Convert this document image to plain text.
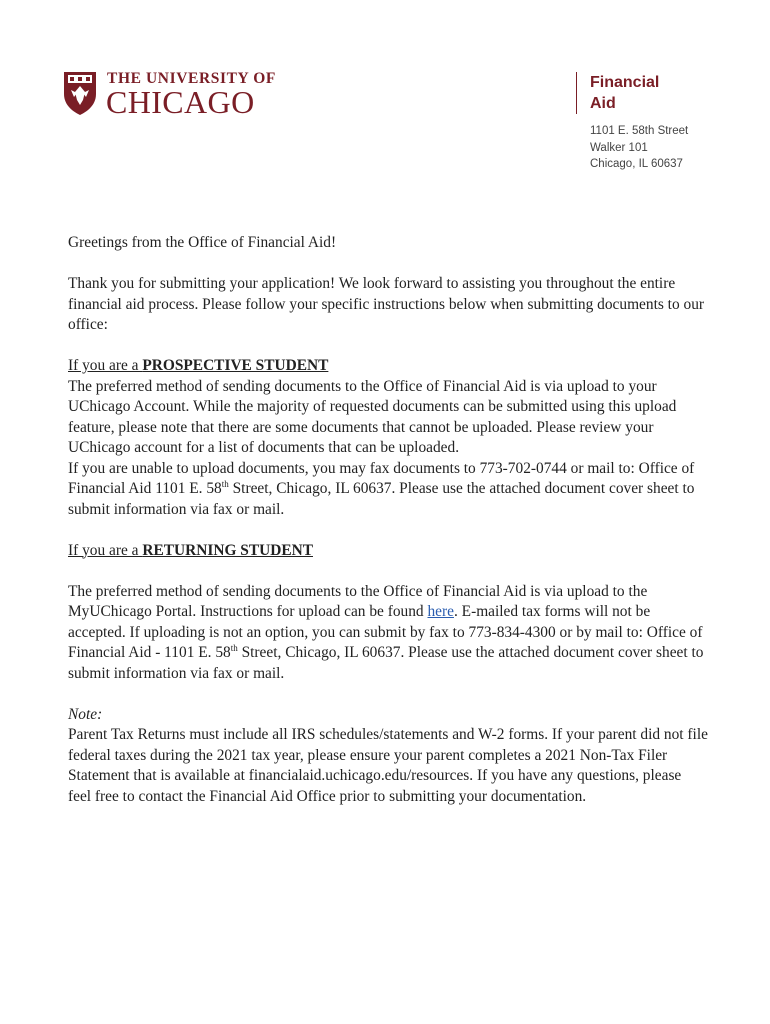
THE UNIVERSITY OF
CHICAGO
Financial
Aid
1101 E. 58th Street
Walker 101
Chicago, IL 60637

Greetings from the Office of Financial Aid!

Thank you for submitting your application! We look forward to assisting you throughout the entire financial aid process. Please follow your specific instructions below when submitting documents to our office:

If you are a PROSPECTIVE STUDENT

The preferred method of sending documents to the Office of Financial Aid is via upload to your UChicago Account. While the majority of requested documents can be submitted using this upload feature, please note that there are some documents that cannot be uploaded. Please review your UChicago account for a list of documents that can be uploaded.

If you are unable to upload documents, you may fax documents to 773-702-0744 or mail to: Office of Financial Aid 1101 E. 58th Street, Chicago, IL 60637. Please use the attached document cover sheet to submit information via fax or mail.

If you are a RETURNING STUDENT

The preferred method of sending documents to the Office of Financial Aid is via upload to the MyUChicago Portal. Instructions for upload can be found here. E-mailed tax forms will not be accepted. If uploading is not an option, you can submit by fax to 773-834-4300 or by mail to: Office of Financial Aid - 1101 E. 58th Street, Chicago, IL 60637. Please use the attached document cover sheet to submit information via fax or mail.

Note:

Parent Tax Returns must include all IRS schedules/statements and W-2 forms. If your parent did not file federal taxes during the 2021 tax year, please ensure your parent completes a 2021 Non-Tax Filer Statement that is available at financialaid.uchicago.edu/resources. If you have any questions, please feel free to contact the Financial Aid Office prior to submitting your documentation.
